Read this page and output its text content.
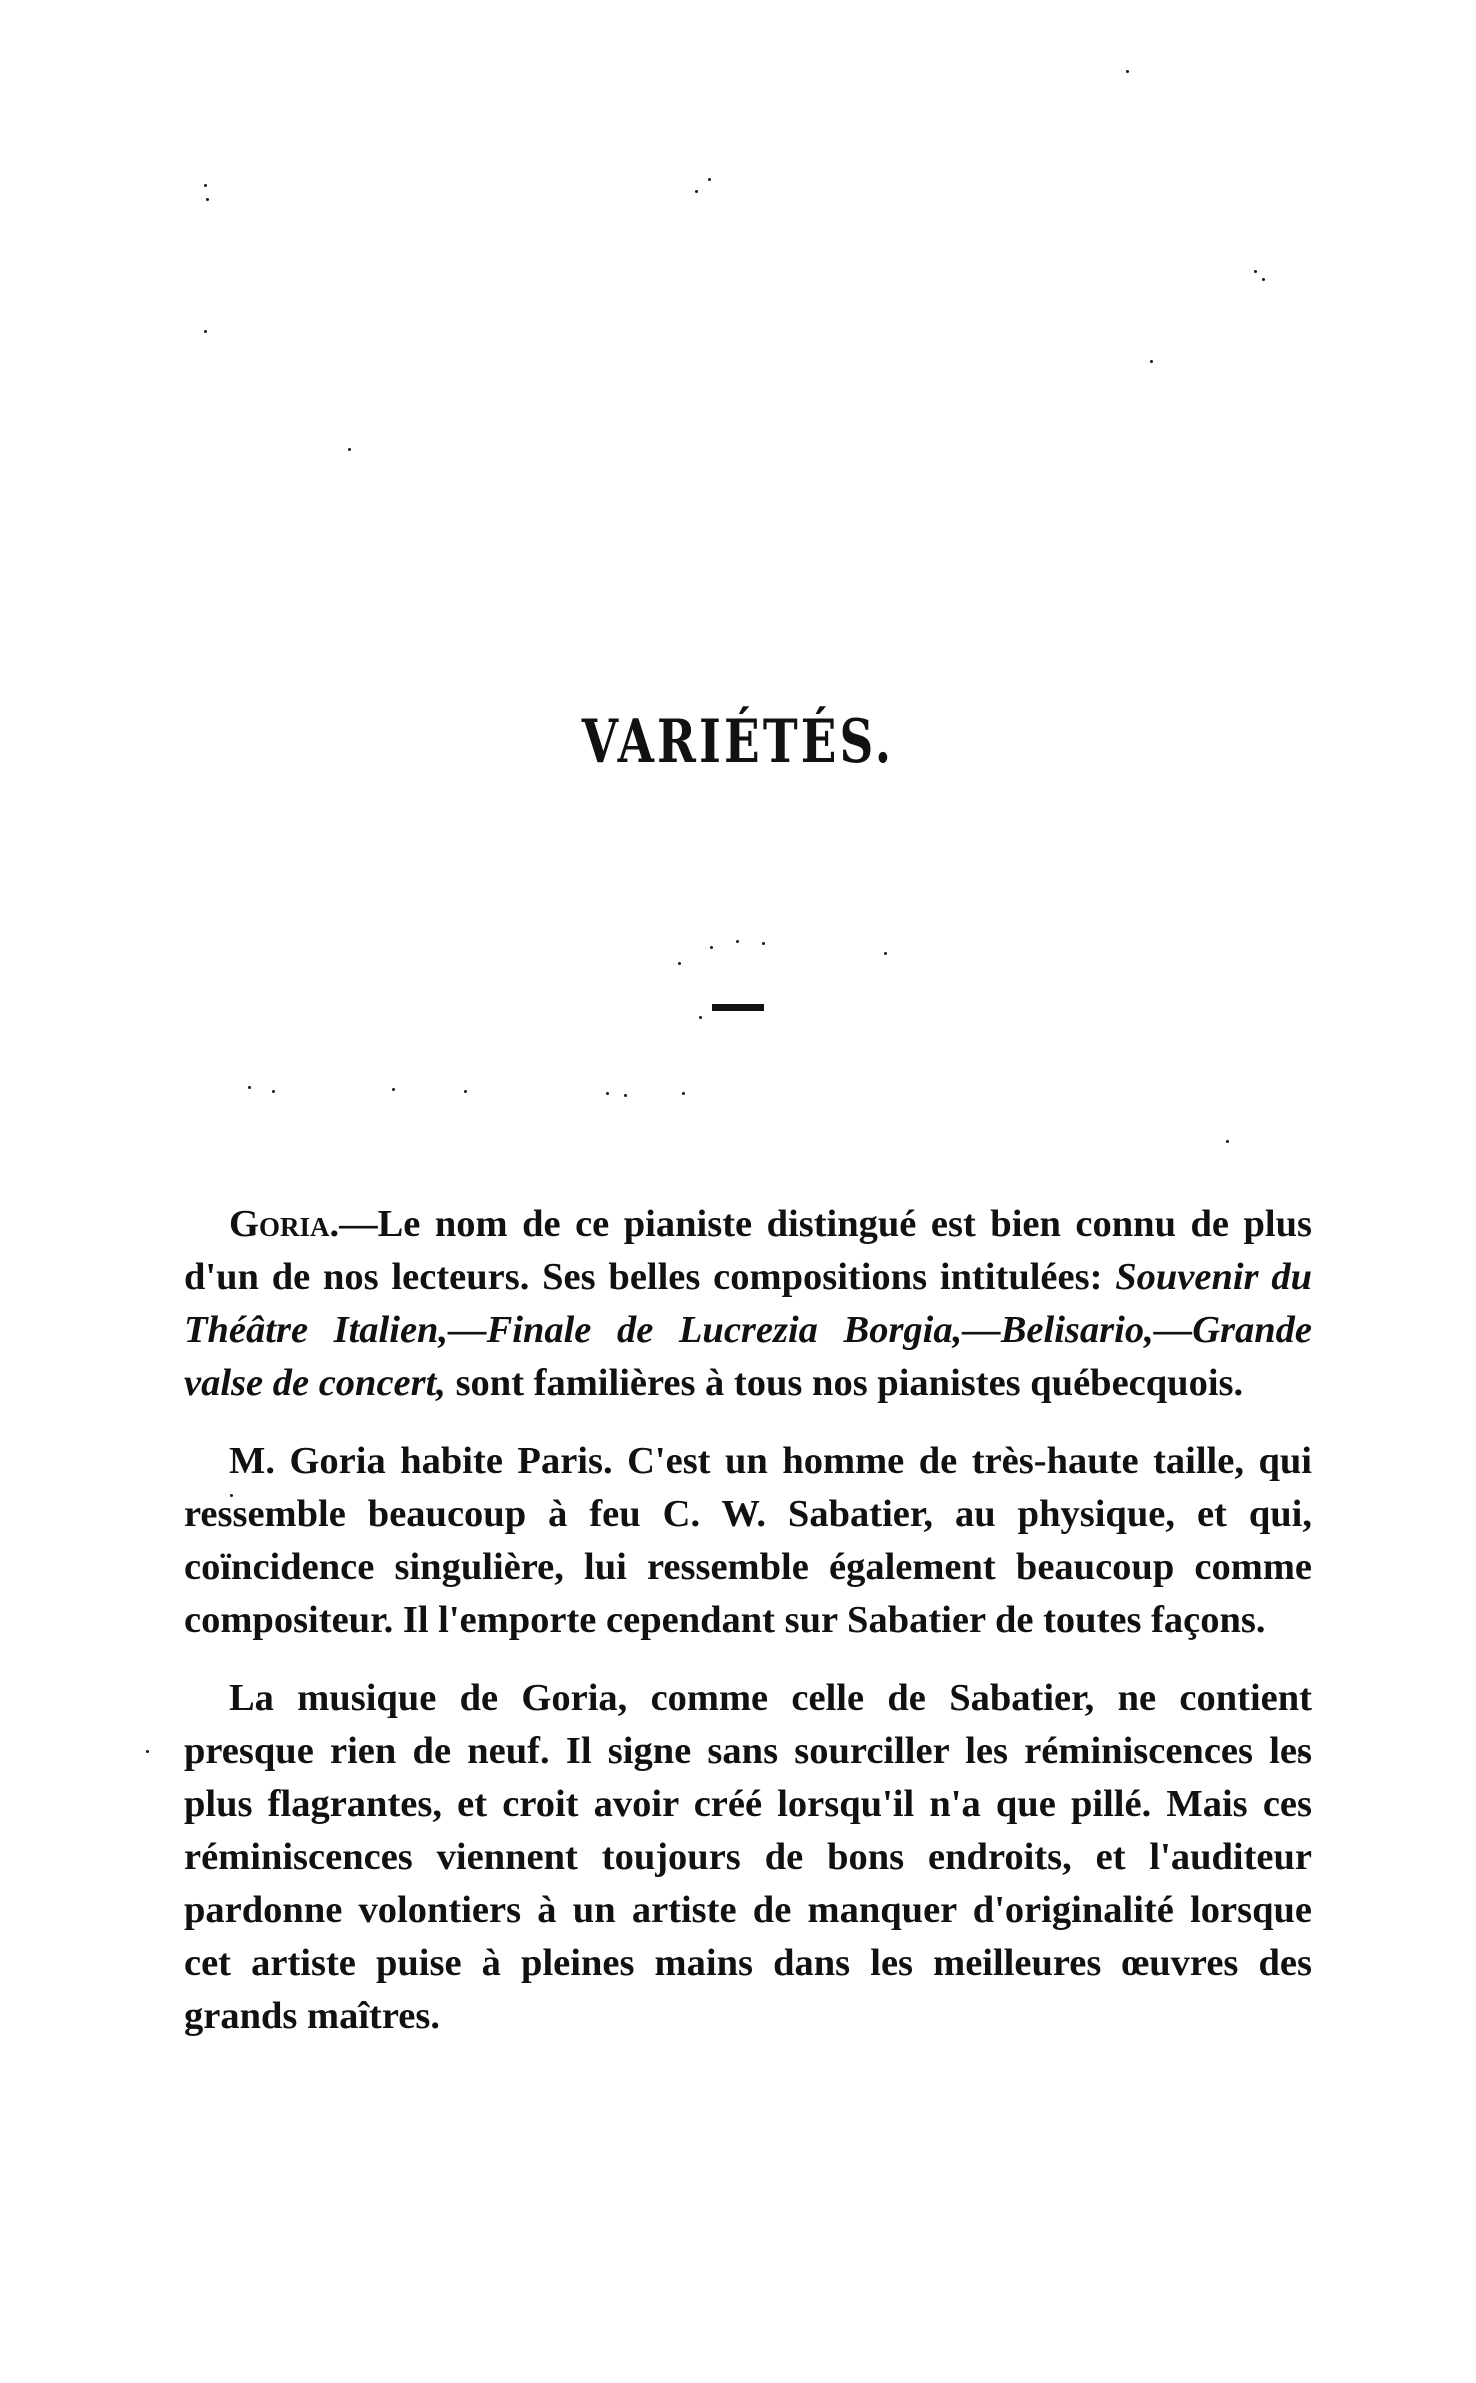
VARIÉTÉS.

Goria.—Le nom de ce pianiste distingué est bien connu de plus d'un de nos lecteurs. Ses belles compositions intitulées: Souvenir du Théâtre Italien,—Finale de Lucrezia Borgia,—Belisario,—Grande valse de concert, sont familières à tous nos pianistes québecquois.

M. Goria habite Paris. C'est un homme de très-haute taille, qui ressemble beaucoup à feu C. W. Sabatier, au physique, et qui, coïncidence singulière, lui ressemble également beaucoup comme compositeur. Il l'emporte cependant sur Sabatier de toutes façons.

La musique de Goria, comme celle de Sabatier, ne contient presque rien de neuf. Il signe sans sourciller les réminiscences les plus flagrantes, et croit avoir créé lorsqu'il n'a que pillé. Mais ces réminiscences viennent toujours de bons endroits, et l'auditeur pardonne volontiers à un artiste de manquer d'originalité lorsque cet artiste puise à pleines mains dans les meilleures œuvres des grands maîtres.
